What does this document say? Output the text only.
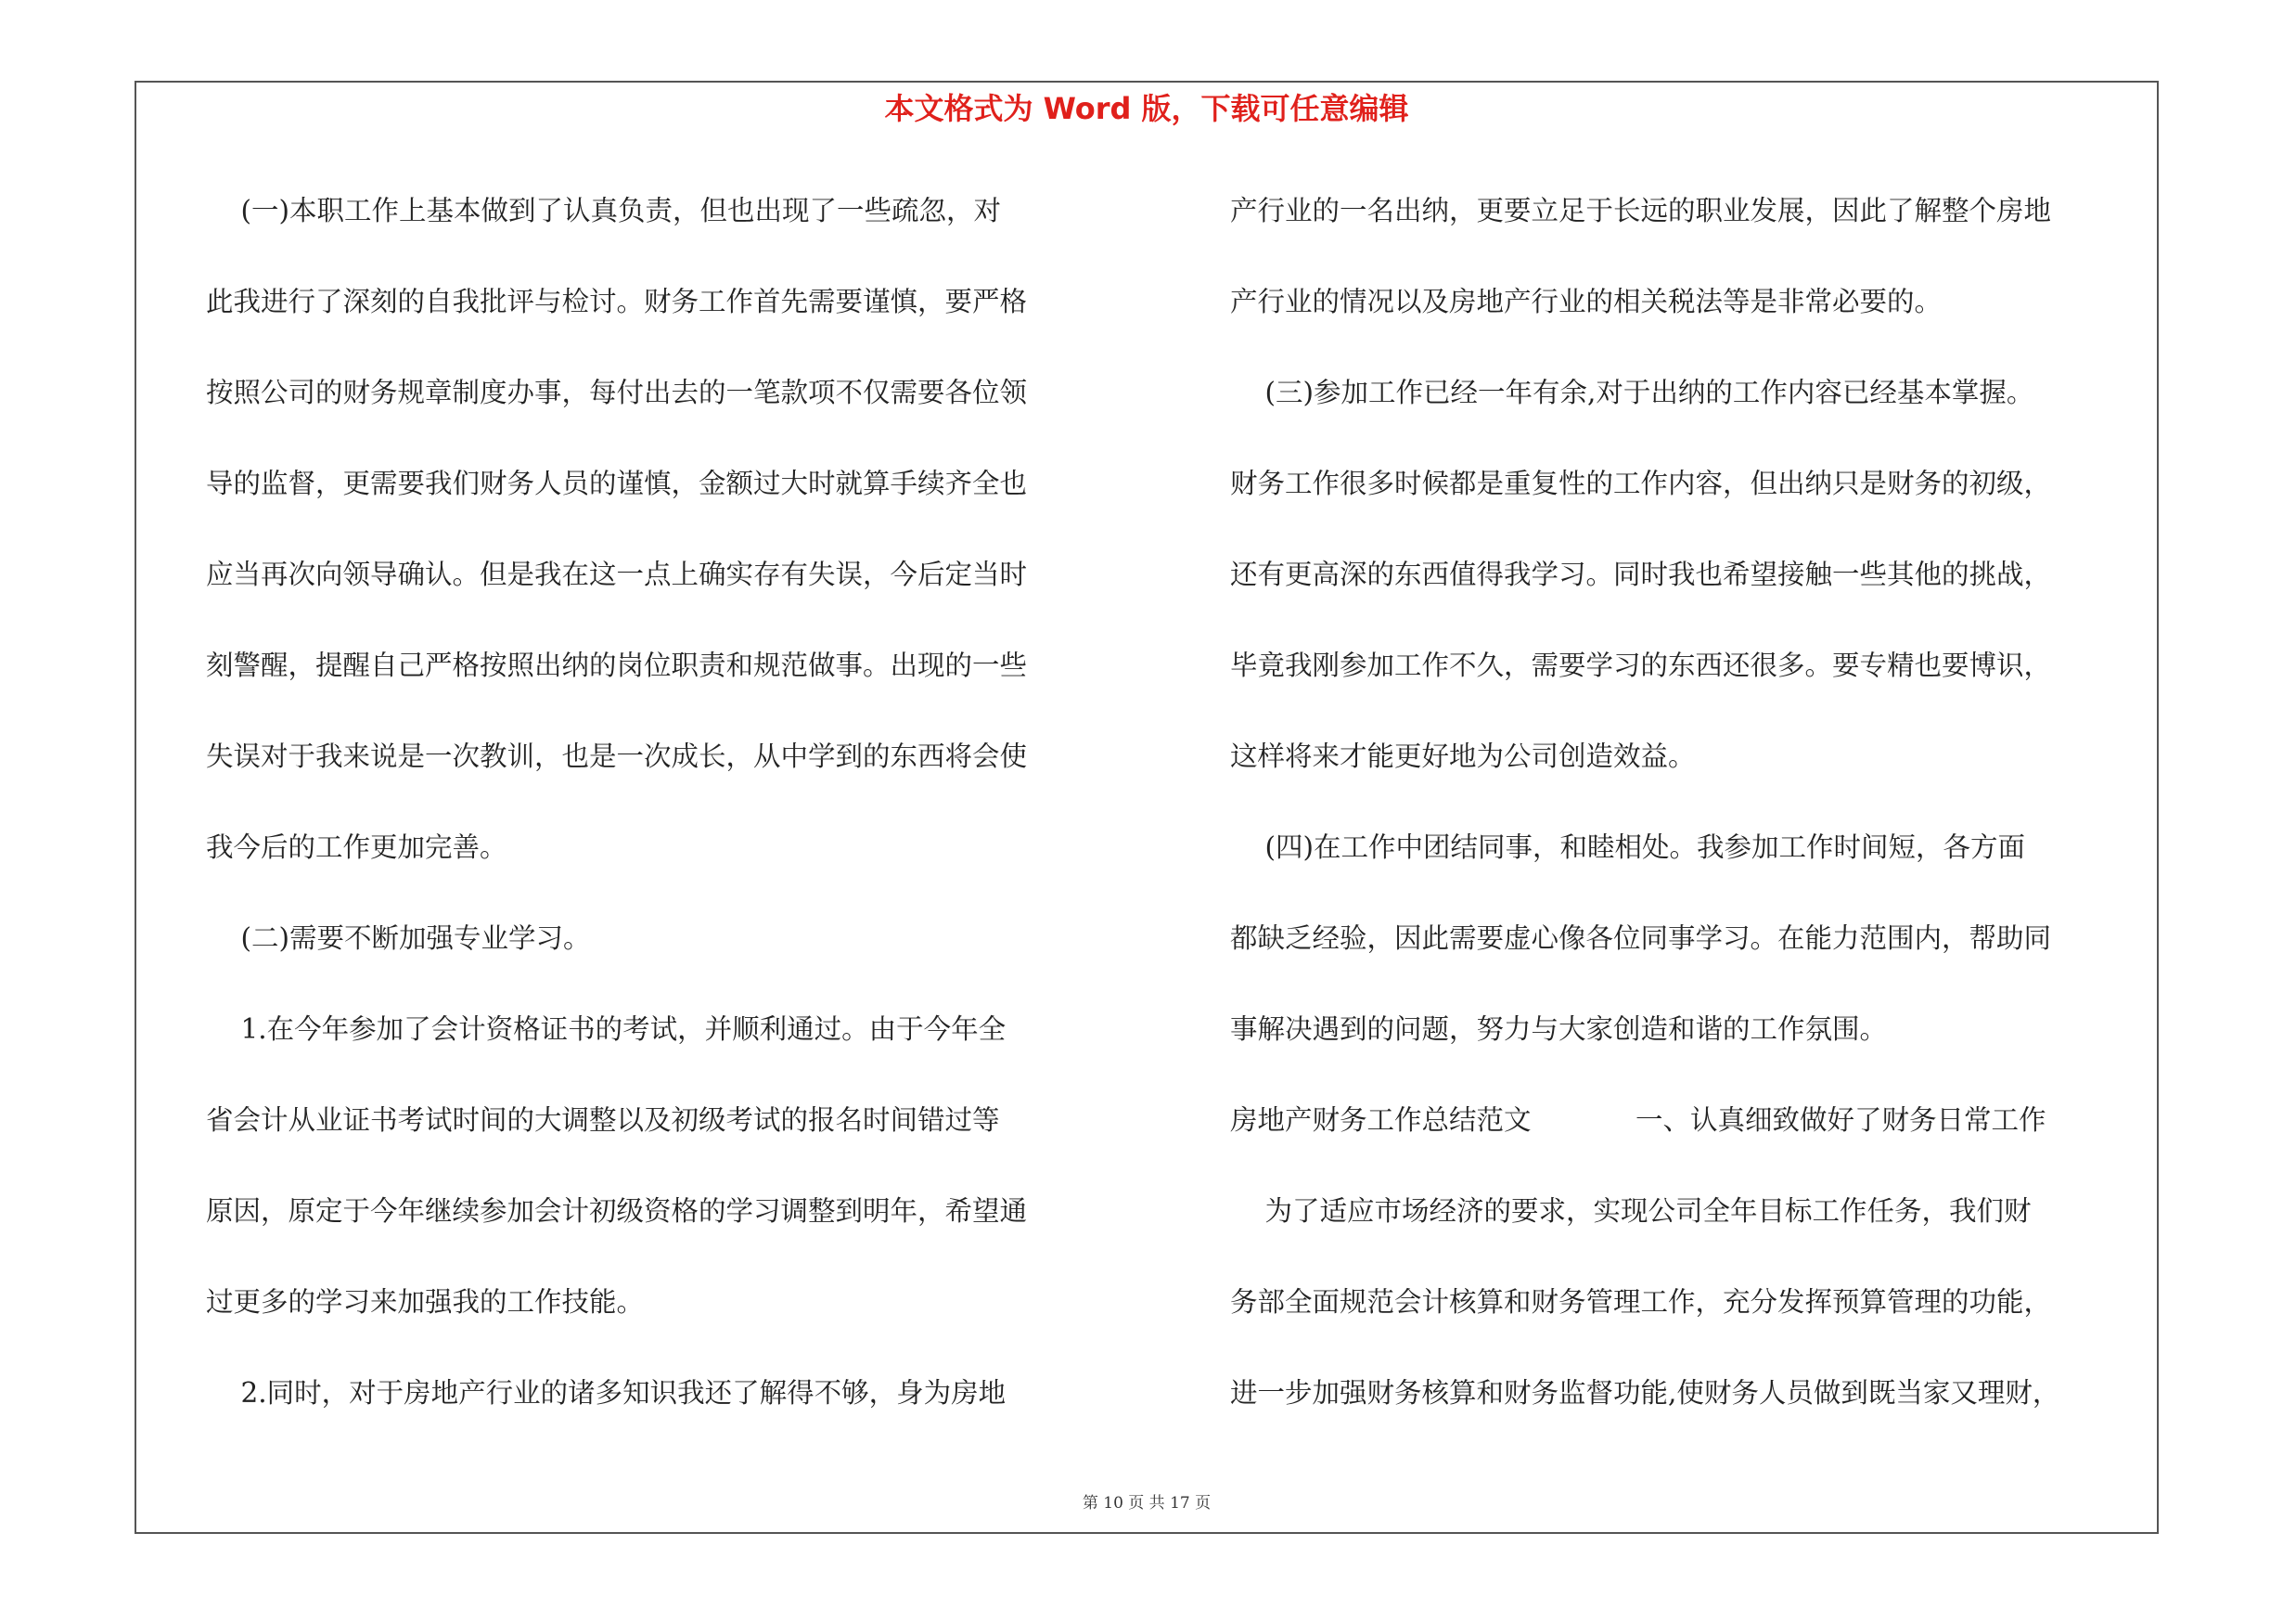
本文格式为 Word 版，下载可任意编辑
(一)本职工作上基本做到了认真负责，但也出现了一些疏忽，对
此我进行了深刻的自我批评与检讨。财务工作首先需要谨慎，要严格
按照公司的财务规章制度办事，每付出去的一笔款项不仅需要各位领
导的监督，更需要我们财务人员的谨慎，金额过大时就算手续齐全也
应当再次向领导确认。但是我在这一点上确实存有失误，今后定当时
刻警醒，提醒自己严格按照出纳的岗位职责和规范做事。出现的一些
失误对于我来说是一次教训，也是一次成长，从中学到的东西将会使
我今后的工作更加完善。
(二)需要不断加强专业学习。
1.在今年参加了会计资格证书的考试，并顺利通过。由于今年全
省会计从业证书考试时间的大调整以及初级考试的报名时间错过等
原因，原定于今年继续参加会计初级资格的学习调整到明年，希望通
过更多的学习来加强我的工作技能。
2.同时，对于房地产行业的诸多知识我还了解得不够，身为房地
产行业的一名出纳，更要立足于长远的职业发展，因此了解整个房地
产行业的情况以及房地产行业的相关税法等是非常必要的。
(三)参加工作已经一年有余,对于出纳的工作内容已经基本掌握。
财务工作很多时候都是重复性的工作内容，但出纳只是财务的初级，
还有更高深的东西值得我学习。同时我也希望接触一些其他的挑战，
毕竟我刚参加工作不久，需要学习的东西还很多。要专精也要博识，
这样将来才能更好地为公司创造效益。
(四)在工作中团结同事，和睦相处。我参加工作时间短，各方面
都缺乏经验，因此需要虚心像各位同事学习。在能力范围内，帮助同
事解决遇到的问题，努力与大家创造和谐的工作氛围。
房地产财务工作总结范文            一、认真细致做好了财务日常工作
为了适应市场经济的要求，实现公司全年目标工作任务，我们财
务部全面规范会计核算和财务管理工作，充分发挥预算管理的功能，
进一步加强财务核算和财务监督功能,使财务人员做到既当家又理财，
第 10 页 共 17 页
